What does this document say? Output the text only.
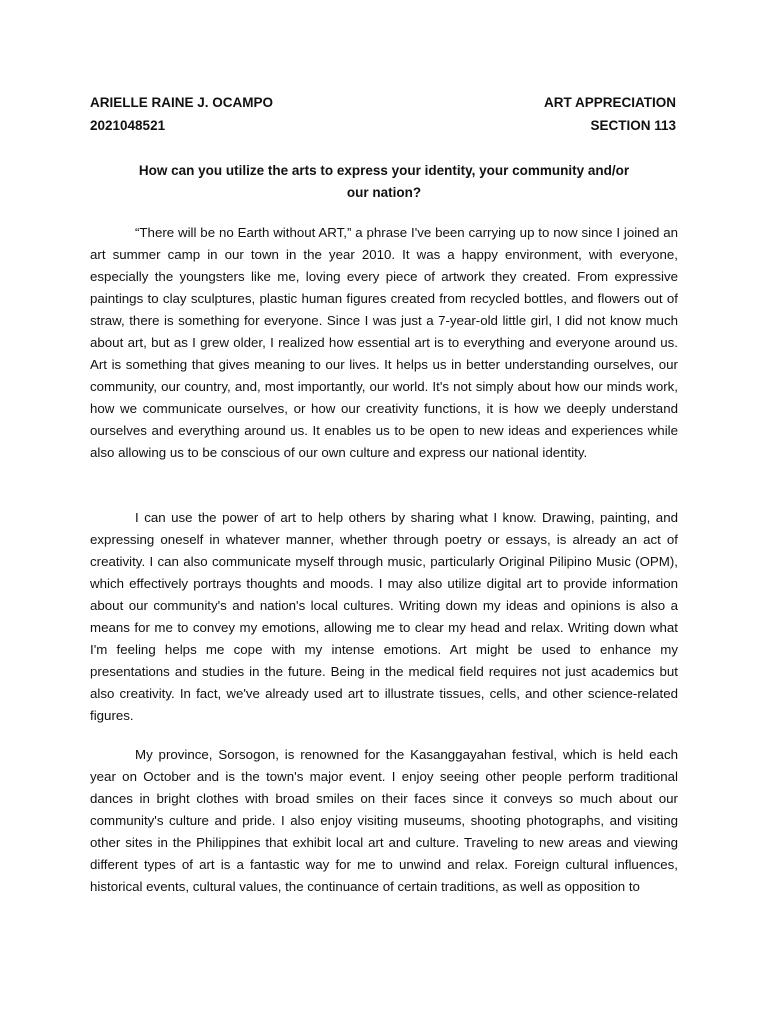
ARIELLE RAINE J. OCAMPO	ART APPRECIATION
2021048521	SECTION 113
How can you utilize the arts to express your identity, your community and/or our nation?

“There will be no Earth without ART,” a phrase I've been carrying up to now since I joined an art summer camp in our town in the year 2010. It was a happy environment, with everyone, especially the youngsters like me, loving every piece of artwork they created. From expressive paintings to clay sculptures, plastic human figures created from recycled bottles, and flowers out of straw, there is something for everyone. Since I was just a 7-year-old little girl, I did not know much about art, but as I grew older, I realized how essential art is to everything and everyone around us. Art is something that gives meaning to our lives. It helps us in better understanding ourselves, our community, our country, and, most importantly, our world. It's not simply about how our minds work, how we communicate ourselves, or how our creativity functions, it is how we deeply understand ourselves and everything around us. It enables us to be open to new ideas and experiences while also allowing us to be conscious of our own culture and express our national identity.

I can use the power of art to help others by sharing what I know. Drawing, painting, and expressing oneself in whatever manner, whether through poetry or essays, is already an act of creativity. I can also communicate myself through music, particularly Original Pilipino Music (OPM), which effectively portrays thoughts and moods. I may also utilize digital art to provide information about our community's and nation's local cultures. Writing down my ideas and opinions is also a means for me to convey my emotions, allowing me to clear my head and relax. Writing down what I'm feeling helps me cope with my intense emotions. Art might be used to enhance my presentations and studies in the future. Being in the medical field requires not just academics but also creativity. In fact, we've already used art to illustrate tissues, cells, and other science-related figures.

My province, Sorsogon, is renowned for the Kasanggayahan festival, which is held each year on October and is the town's major event. I enjoy seeing other people perform traditional dances in bright clothes with broad smiles on their faces since it conveys so much about our community's culture and pride. I also enjoy visiting museums, shooting photographs, and visiting other sites in the Philippines that exhibit local art and culture. Traveling to new areas and viewing different types of art is a fantastic way for me to unwind and relax. Foreign cultural influences, historical events, cultural values, the continuance of certain traditions, as well as opposition to
